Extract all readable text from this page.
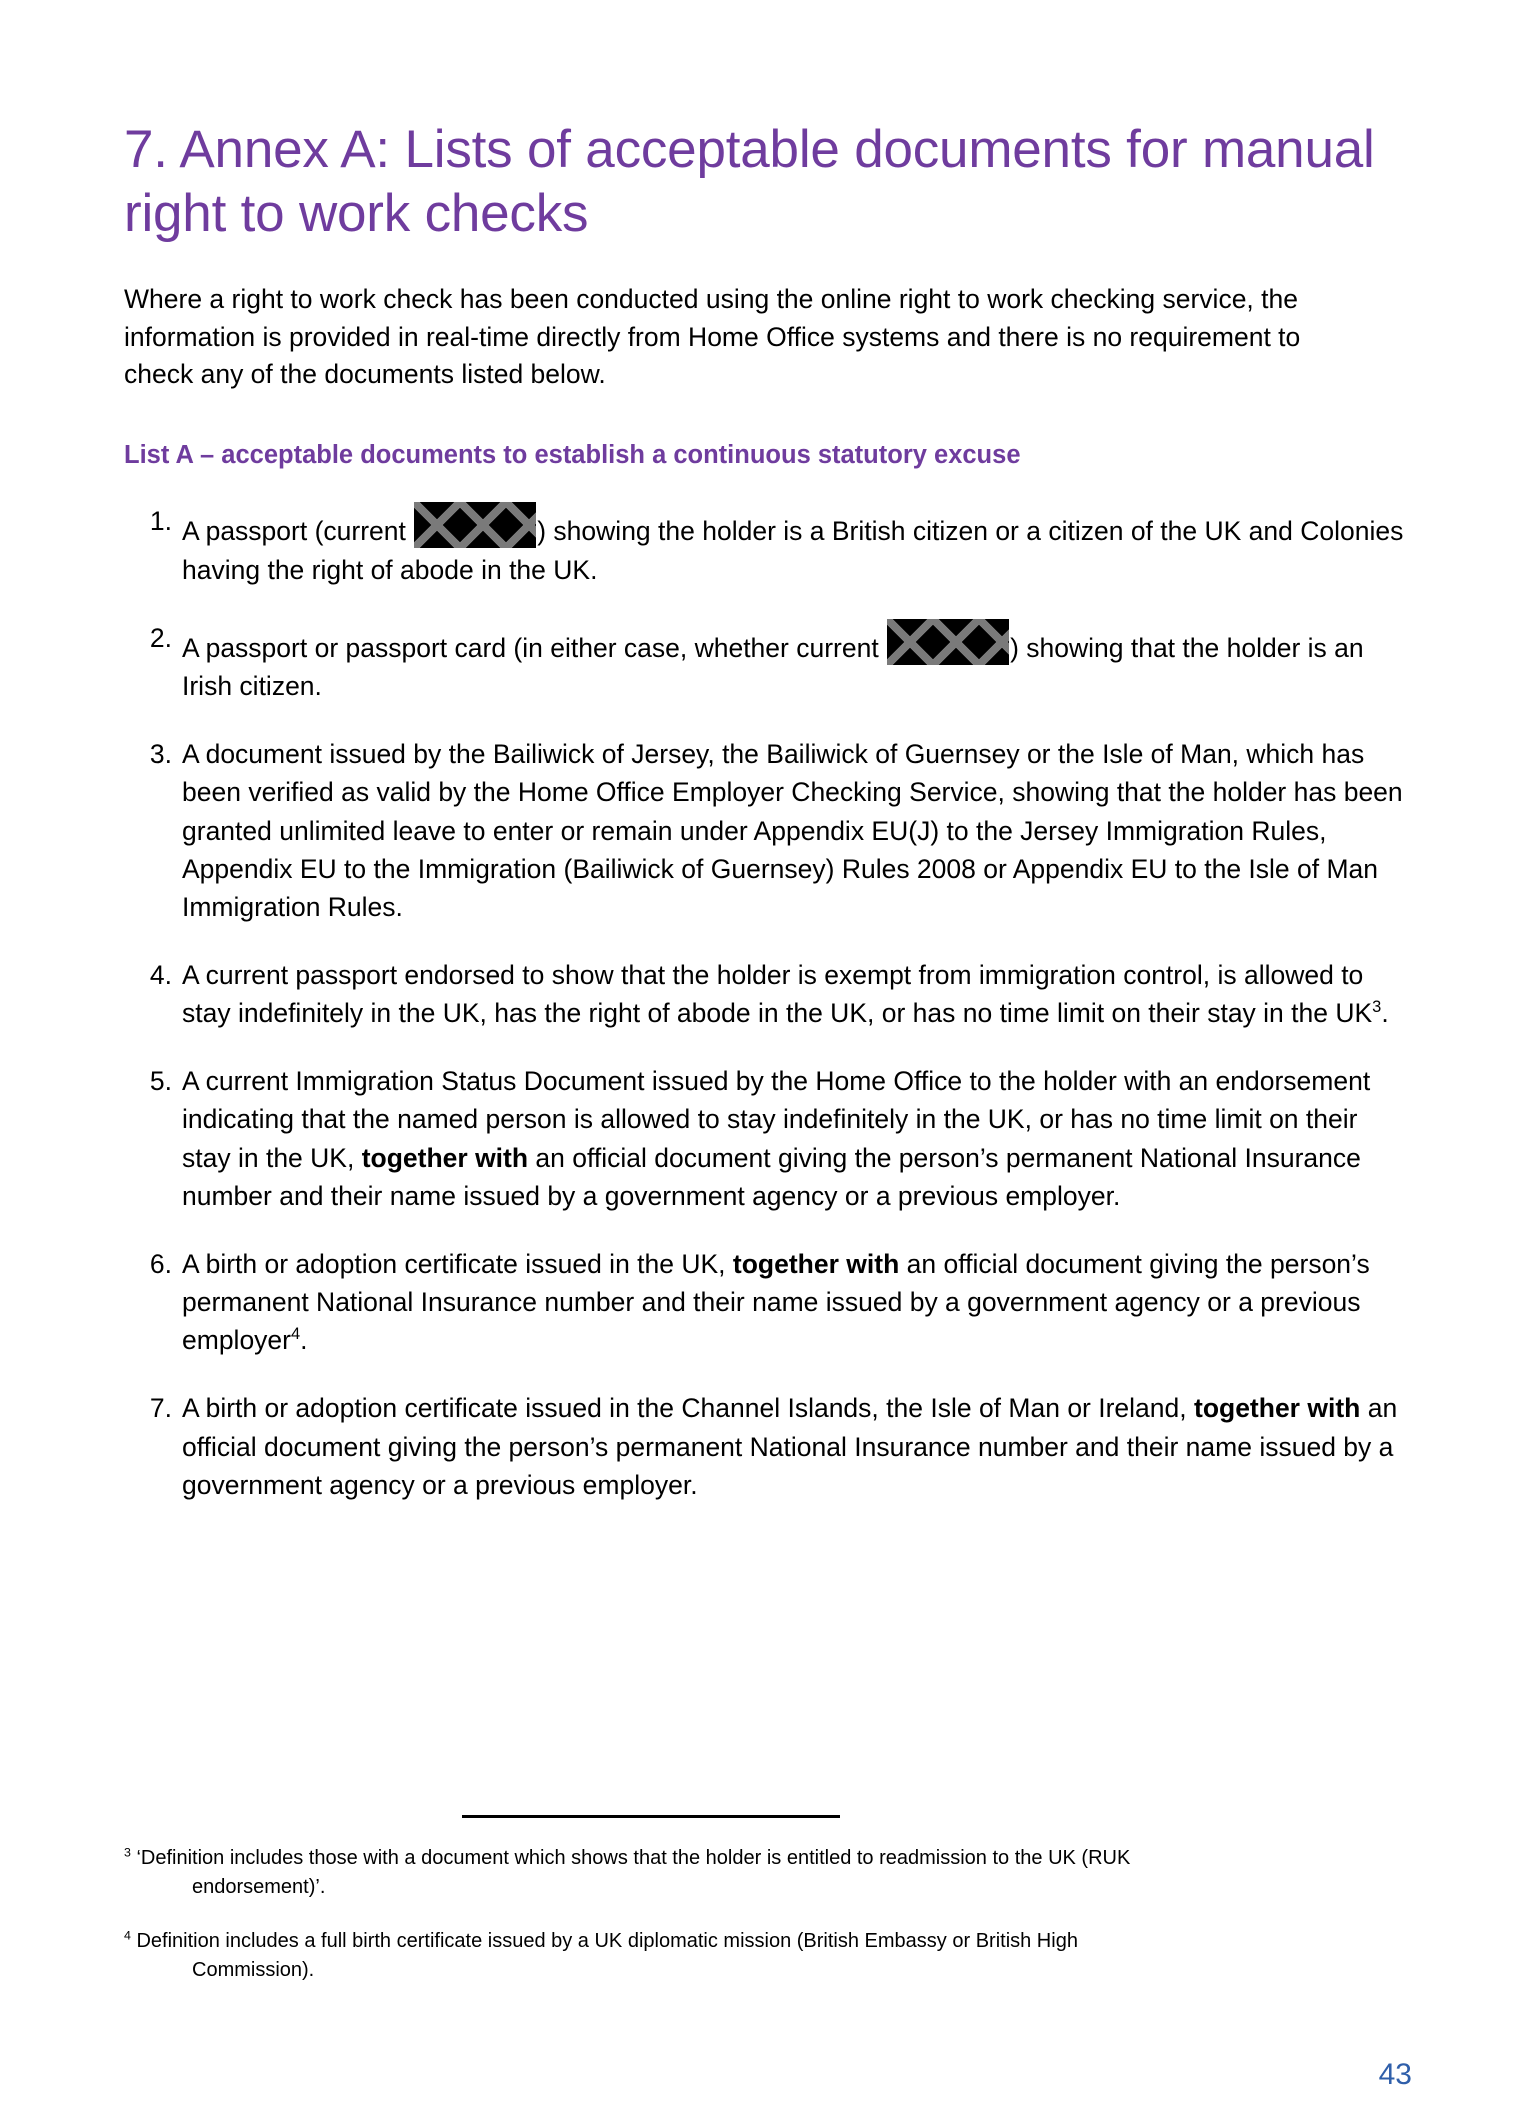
7. Annex A: Lists of acceptable documents for manual right to work checks

Where a right to work check has been conducted using the online right to work checking service, the information is provided in real-time directly from Home Office systems and there is no requirement to check any of the documents listed below.

List A – acceptable documents to establish a continuous statutory excuse

A passport (current	) showing the holder is a British citizen or a citizen of the UK and Colonies having the right of abode in the UK.
A passport or passport card (in either case, whether current	) showing that the holder is an Irish citizen.
A document issued by the Bailiwick of Jersey, the Bailiwick of Guernsey or the Isle of Man, which has been verified as valid by the Home Office Employer Checking Service, showing that the holder has been granted unlimited leave to enter or remain under Appendix EU(J) to the Jersey Immigration Rules, Appendix EU to the Immigration (Bailiwick of Guernsey) Rules 2008 or Appendix EU to the Isle of Man Immigration Rules.
A current passport endorsed to show that the holder is exempt from immigration control, is allowed to stay indefinitely in the UK, has the right of abode in the UK, or has no time limit on their stay in the $UK^3$.
A current Immigration Status Document issued by the Home Office to the holder with an endorsement indicating that the named person is allowed to stay indefinitely in the UK, or has no time limit on their stay in the UK, together with an official document giving the person’s permanent National Insurance number and their name issued by a government agency or a previous employer.
A birth or adoption certificate issued in the UK, together with an official document giving the person’s permanent National Insurance number and their name issued by a government agency or a previous employer$^4$.
A birth or adoption certificate issued in the Channel Islands, the Isle of Man or Ireland, together with an official document giving the person’s permanent National Insurance number and their name issued by a government agency or a previous employer.
$^3$ ‘Definition includes those with a document which shows that the holder is entitled to readmission to the UK (RUK
endorsement)’.
$^4$ Definition includes a full birth certificate issued by a UK diplomatic mission (British Embassy or British High
Commission).
43
